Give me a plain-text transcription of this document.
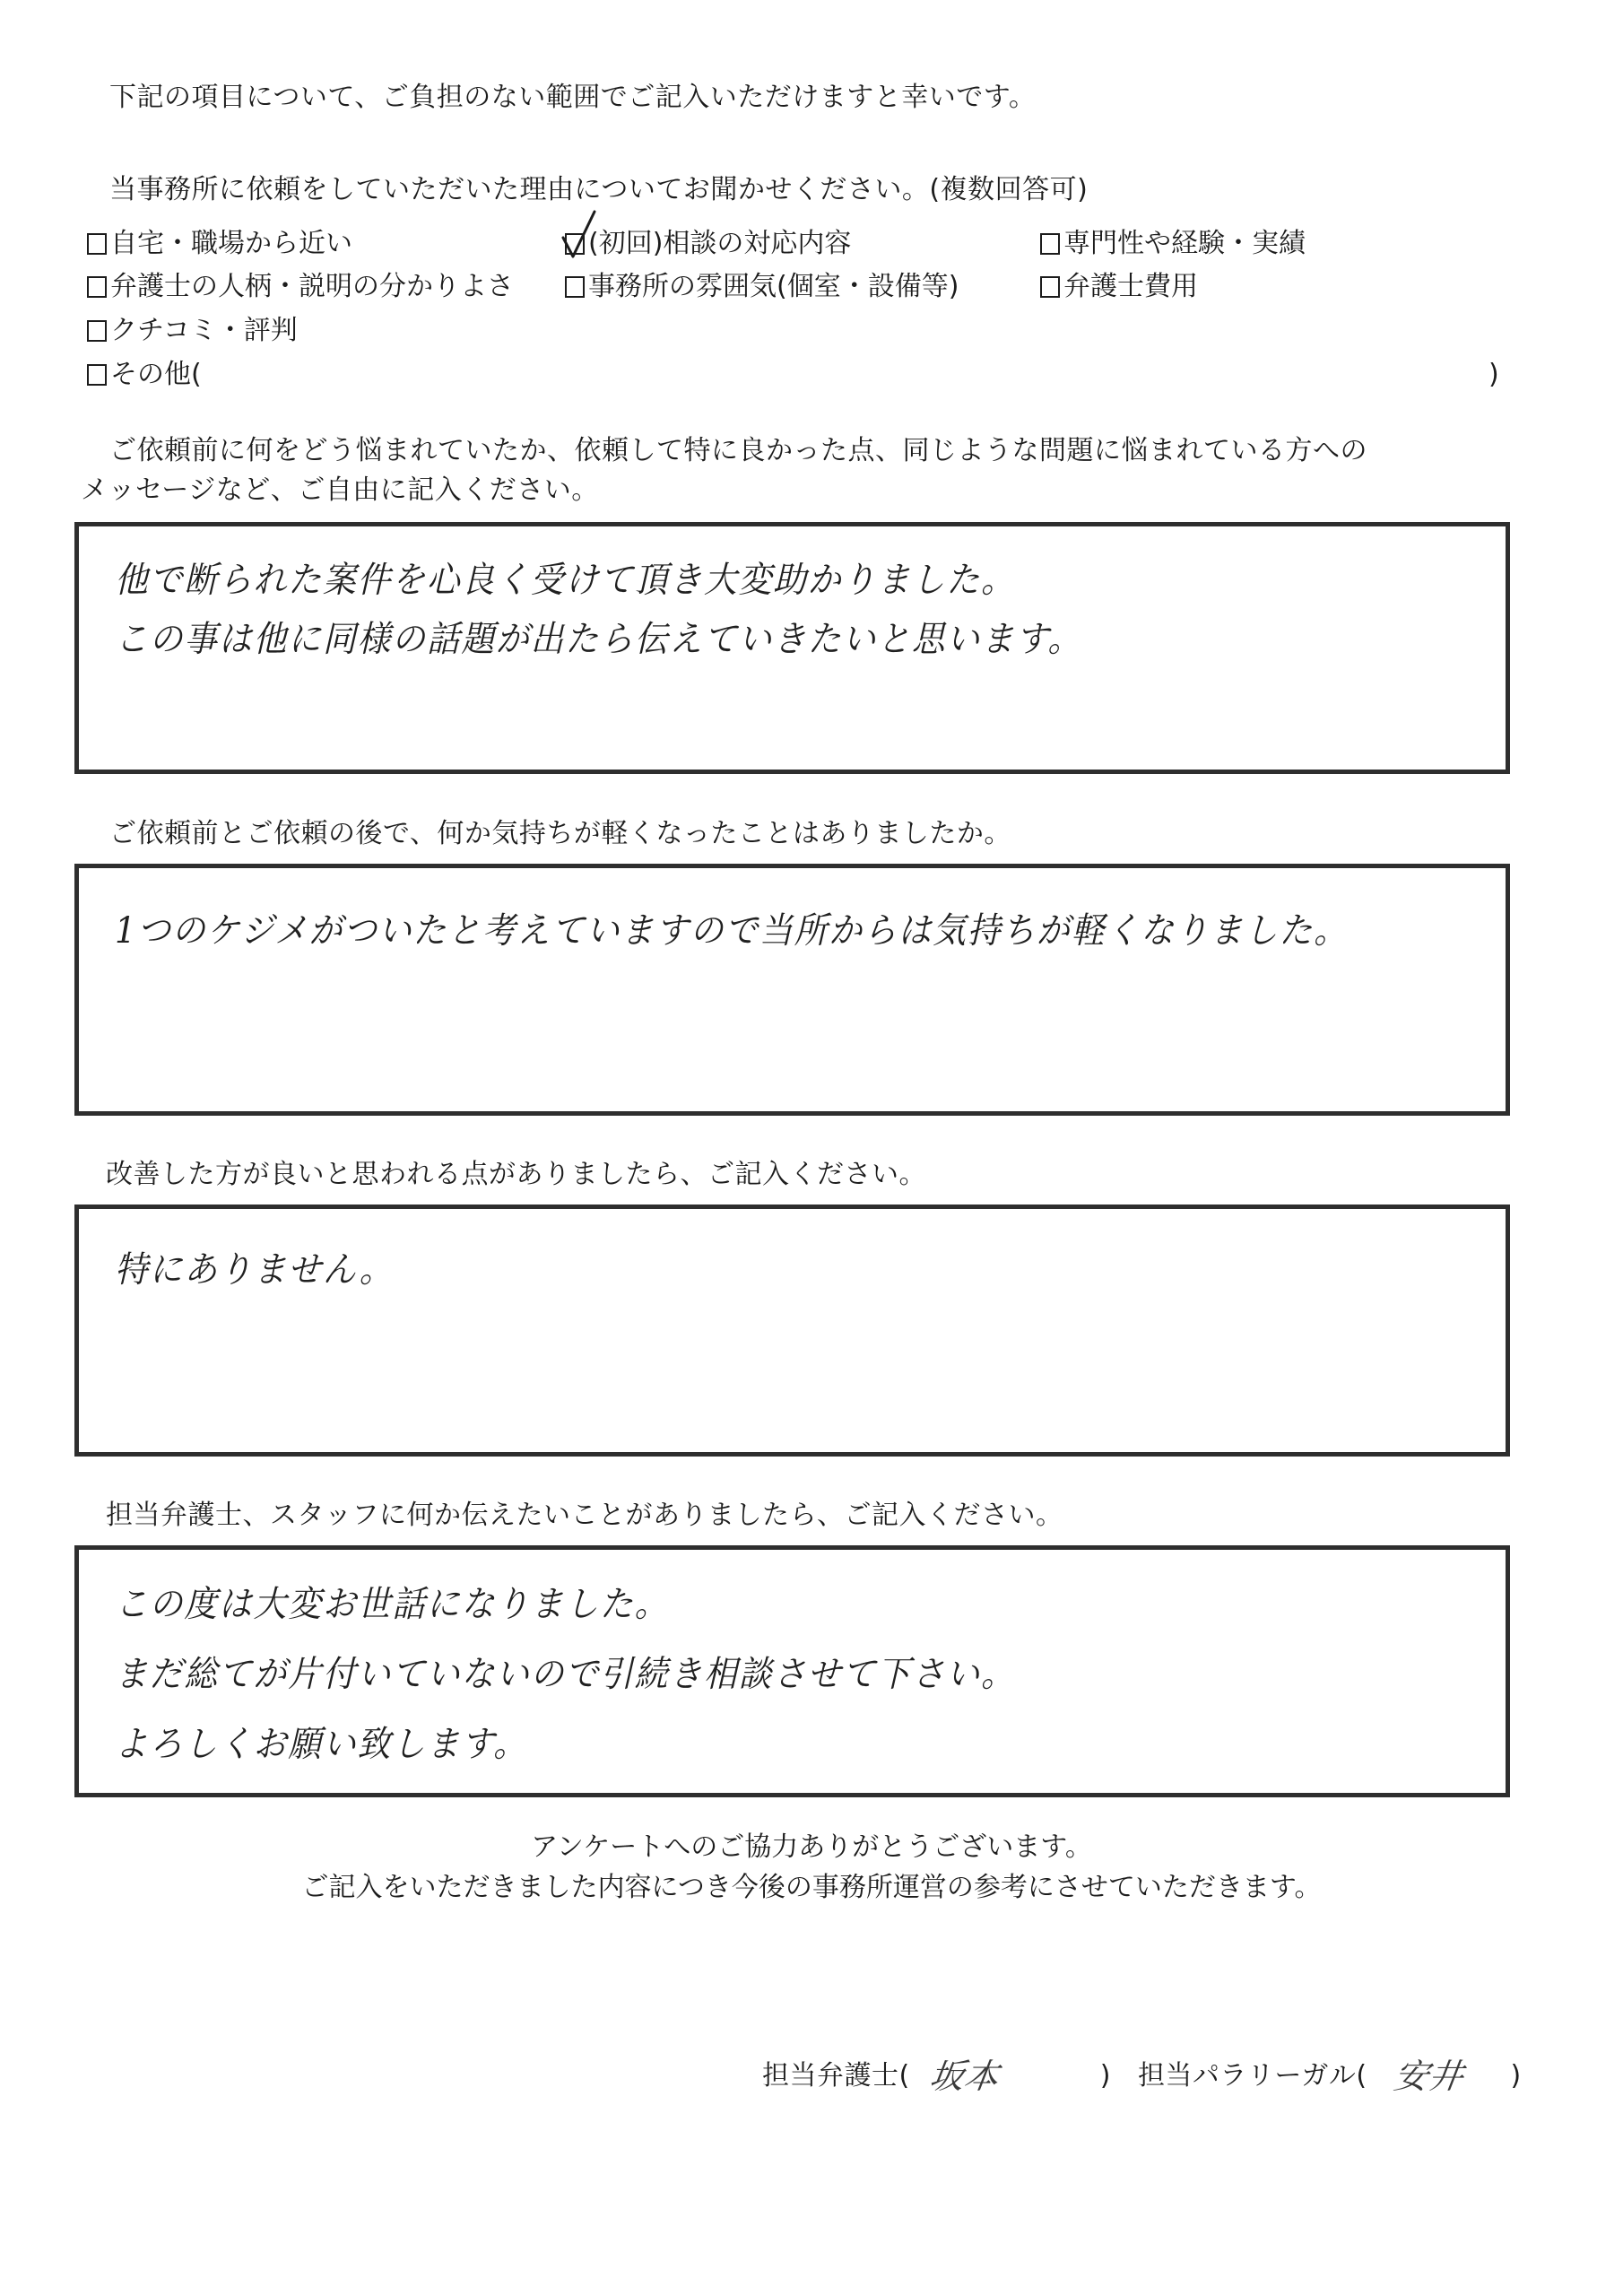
下記の項目について、ご負担のない範囲でご記入いただけますと幸いです。
当事務所に依頼をしていただいた理由についてお聞かせください。(複数回答可)
自宅・職場から近い	(初回)相談の対応内容	専門性や経験・実績
弁護士の人柄・説明の分かりよさ	事務所の雰囲気(個室・設備等)	弁護士費用
クチコミ・評判
その他(	)
ご依頼前に何をどう悩まれていたか、依頼して特に良かった点、同じような問題に悩まれている方への
メッセージなど、ご自由に記入ください。
他で断られた案件を心良く受けて頂き大変助かりました。
この事は他に同様の話題が出たら伝えていきたいと思います。
ご依頼前とご依頼の後で、何か気持ちが軽くなったことはありましたか。
1つのケジメがついたと考えていますので当所からは気持ちが軽くなりました。
改善した方が良いと思われる点がありましたら、ご記入ください。
特にありません。
担当弁護士、スタッフに何か伝えたいことがありましたら、ご記入ください。
この度は大変お世話になりました。
まだ総てが片付いていないので引続き相談させて下さい。
よろしくお願い致します。
アンケートへのご協力ありがとうございます。
ご記入をいただきました内容につき今後の事務所運営の参考にさせていただきます。
担当弁護士( 坂本	) 担当パラリーガル( 安井	)
